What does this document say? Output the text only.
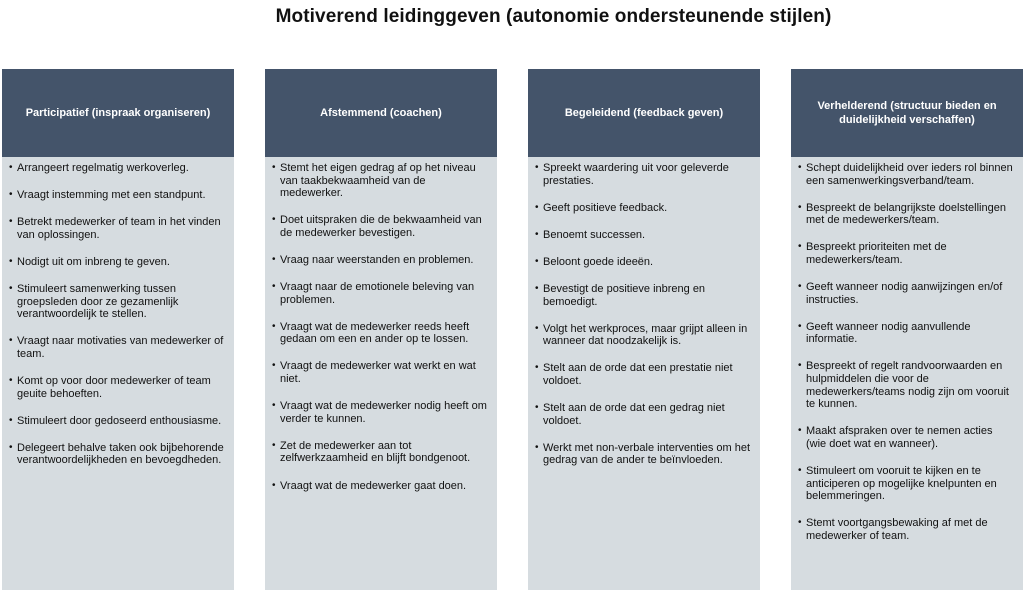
Motiverend leidinggeven (autonomie ondersteunende stijlen)
Participatief (inspraak organiseren)
• Arrangeert regelmatig werkoverleg.
• Vraagt instemming met een standpunt.
• Betrekt medewerker of team in het vinden van oplossingen.
• Nodigt uit om inbreng te geven.
• Stimuleert samenwerking tussen groepsleden door ze gezamenlijk verantwoordelijk te stellen.
• Vraagt naar motivaties van medewerker of team.
• Komt op voor door medewerker of team geuite behoeften.
• Stimuleert door gedoseerd enthousiasme.
• Delegeert behalve taken ook bijbehorende verantwoordelijkheden en bevoegdheden.
Afstemmend (coachen)
• Stemt het eigen gedrag af op het niveau van taakbekwaamheid van de medewerker.
• Doet uitspraken die de bekwaamheid van de medewerker bevestigen.
• Vraag naar weerstanden en problemen.
• Vraagt naar de emotionele beleving van problemen.
• Vraagt wat de medewerker reeds heeft gedaan om een en ander op te lossen.
• Vraagt de medewerker wat werkt en wat niet.
• Vraagt wat de medewerker nodig heeft om verder te kunnen.
• Zet de medewerker aan tot zelfwerkzaamheid en blijft bondgenoot.
• Vraagt wat de medewerker gaat doen.
Begeleidend (feedback geven)
• Spreekt waardering uit voor geleverde prestaties.
• Geeft positieve feedback.
• Benoemt successen.
• Beloont goede ideeën.
• Bevestigt de positieve inbreng en bemoedigt.
• Volgt het werkproces, maar grijpt alleen in wanneer dat noodzakelijk is.
• Stelt aan de orde dat een prestatie niet voldoet.
• Stelt aan de orde dat een gedrag niet voldoet.
• Werkt met non-verbale interventies om het gedrag van de ander te beïnvloeden.
Verhelderend (structuur bieden en duidelijkheid verschaffen)
• Schept duidelijkheid over ieders rol binnen een samenwerkingsverband/team.
• Bespreekt de belangrijkste doelstellingen met de medewerkers/team.
• Bespreekt prioriteiten met de medewerkers/team.
• Geeft wanneer nodig aanwijzingen en/of instructies.
• Geeft wanneer nodig aanvullende informatie.
• Bespreekt of regelt randvoorwaarden en hulpmiddelen die voor de medewerkers/teams nodig zijn om vooruit te kunnen.
• Maakt afspraken over te nemen acties (wie doet wat en wanneer).
• Stimuleert om vooruit te kijken en te anticiperen op mogelijke knelpunten en belemmeringen.
• Stemt voortgangsbewaking af met de medewerker of team.
